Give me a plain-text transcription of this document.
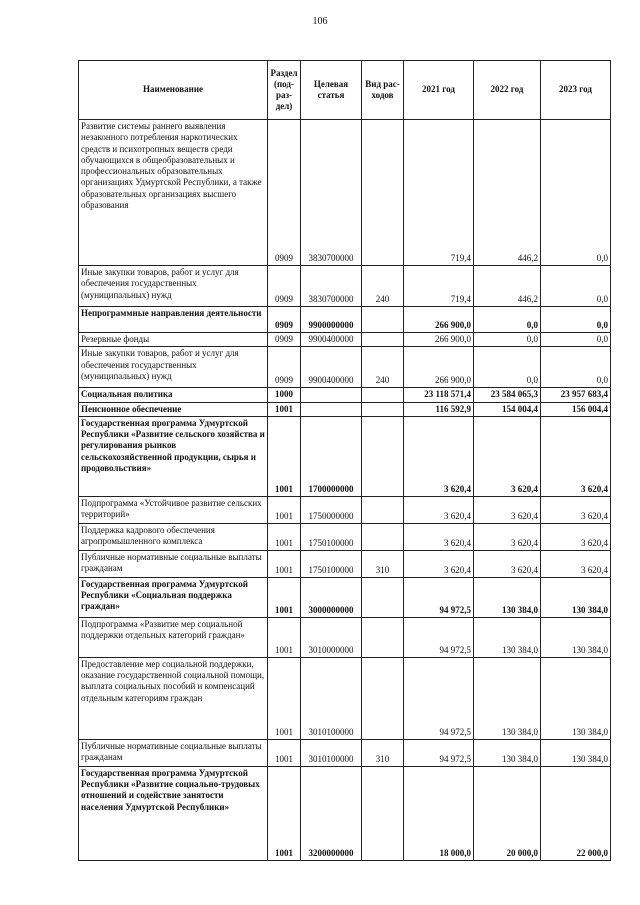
106
Наименование	Раздел (под-раз-дел)	Целевая статья	Вид рас-ходов	2021 год	2022 год	2023 год
Развитие системы раннего выявления незаконного потребления наркотических средств и психотропных веществ среди обучающихся в общеобразовательных и профессиональных образовательных организациях Удмуртской Республики, а также образовательных организациях высшего образования	0909	3830700000		719,4	446,2	0,0
Иные закупки товаров, работ и услуг для обеспечения государственных (муниципальных) нужд	0909	3830700000	240	719,4	446,2	0,0
Непрограммные направления деятельности	0909	9900000000		266 900,0	0,0	0,0
Резервные фонды	0909	9900400000		266 900,0	0,0	0,0
Иные закупки товаров, работ и услуг для обеспечения государственных (муниципальных) нужд	0909	9900400000	240	266 900,0	0,0	0,0
Социальная политика	1000			23 118 571,4	23 584 065,3	23 957 683,4
Пенсионное обеспечение	1001			116 592,9	154 004,4	156 004,4
Государственная программа Удмуртской Республики «Развитие сельского хозяйства и регулирования рынков сельскохозяйственной продукции, сырья и продовольствия»	1001	1700000000		3 620,4	3 620,4	3 620,4
Подпрограмма «Устойчивое развитие сельских территорий»	1001	1750000000		3 620,4	3 620,4	3 620,4
Поддержка кадрового обеспечения агропромышленного комплекса	1001	1750100000		3 620,4	3 620,4	3 620,4
Публичные нормативные социальные выплаты гражданам	1001	1750100000	310	3 620,4	3 620,4	3 620,4
Государственная программа Удмуртской Республики «Социальная поддержка граждан»	1001	3000000000		94 972,5	130 384,0	130 384,0
Подпрограмма «Развитие мер социальной поддержки отдельных категорий граждан»	1001	3010000000		94 972,5	130 384,0	130 384,0
Предоставление мер социальной поддержки, оказание государственной социальной помощи, выплата социальных пособий и компенсаций отдельным категориям граждан	1001	3010100000		94 972,5	130 384,0	130 384,0
Публичные нормативные социальные выплаты гражданам	1001	3010100000	310	94 972,5	130 384,0	130 384,0
Государственная программа Удмуртской Республики «Развитие социально-трудовых отношений и содействие занятости населения Удмуртской Республики»	1001	3200000000		18 000,0	20 000,0	22 000,0
